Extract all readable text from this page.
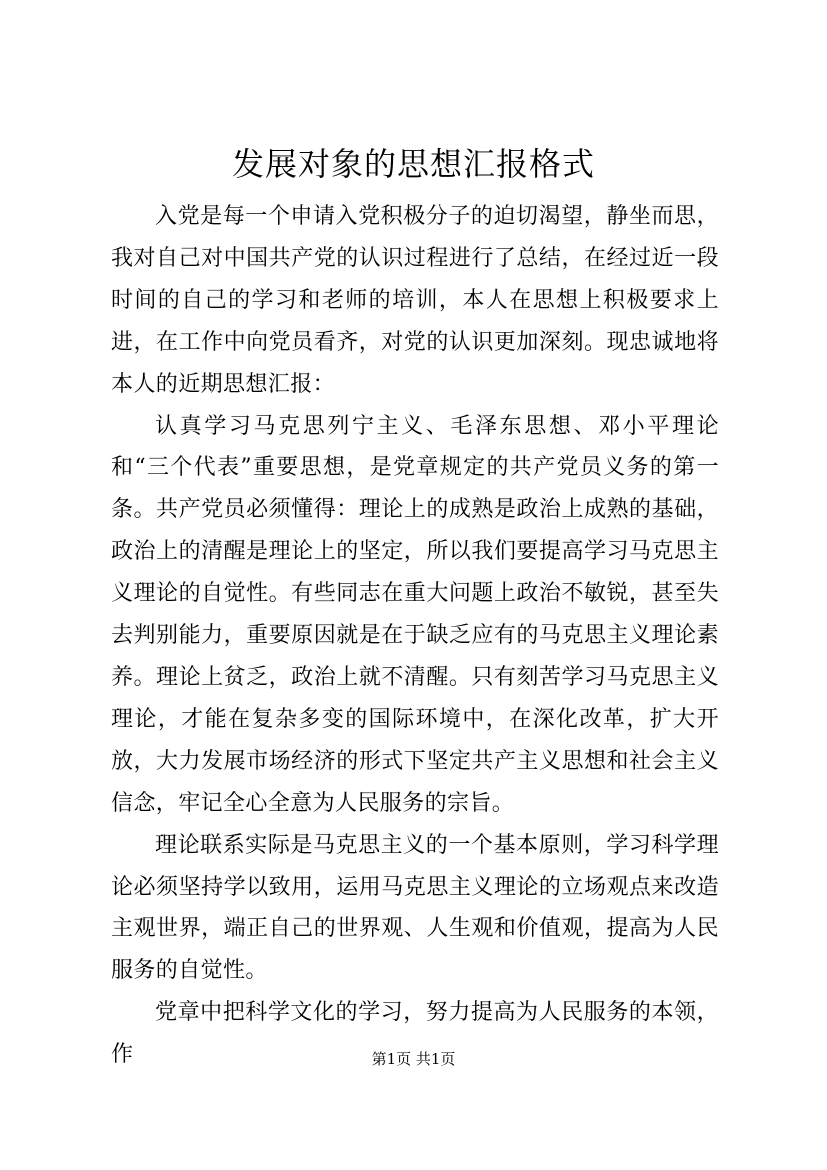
发展对象的思想汇报格式

入党是每一个申请入党积极分子的迫切渴望，静坐而思，我对自己对中国共产党的认识过程进行了总结，在经过近一段时间的自己的学习和老师的培训，本人在思想上积极要求上进，在工作中向党员看齐，对党的认识更加深刻。现忠诚地将本人的近期思想汇报：

认真学习马克思列宁主义、毛泽东思想、邓小平理论和“三个代表”重要思想，是党章规定的共产党员义务的第一条。共产党员必须懂得：理论上的成熟是政治上成熟的基础，政治上的清醒是理论上的坚定，所以我们要提高学习马克思主义理论的自觉性。有些同志在重大问题上政治不敏锐，甚至失去判别能力，重要原因就是在于缺乏应有的马克思主义理论素养。理论上贫乏，政治上就不清醒。只有刻苦学习马克思主义理论，才能在复杂多变的国际环境中，在深化改革，扩大开放，大力发展市场经济的形式下坚定共产主义思想和社会主义信念，牢记全心全意为人民服务的宗旨。

理论联系实际是马克思主义的一个基本原则，学习科学理论必须坚持学以致用，运用马克思主义理论的立场观点来改造主观世界，端正自己的世界观、人生观和价值观，提高为人民服务的自觉性。

党章中把科学文化的学习，努力提高为人民服务的本领，作	第1页 共1页
